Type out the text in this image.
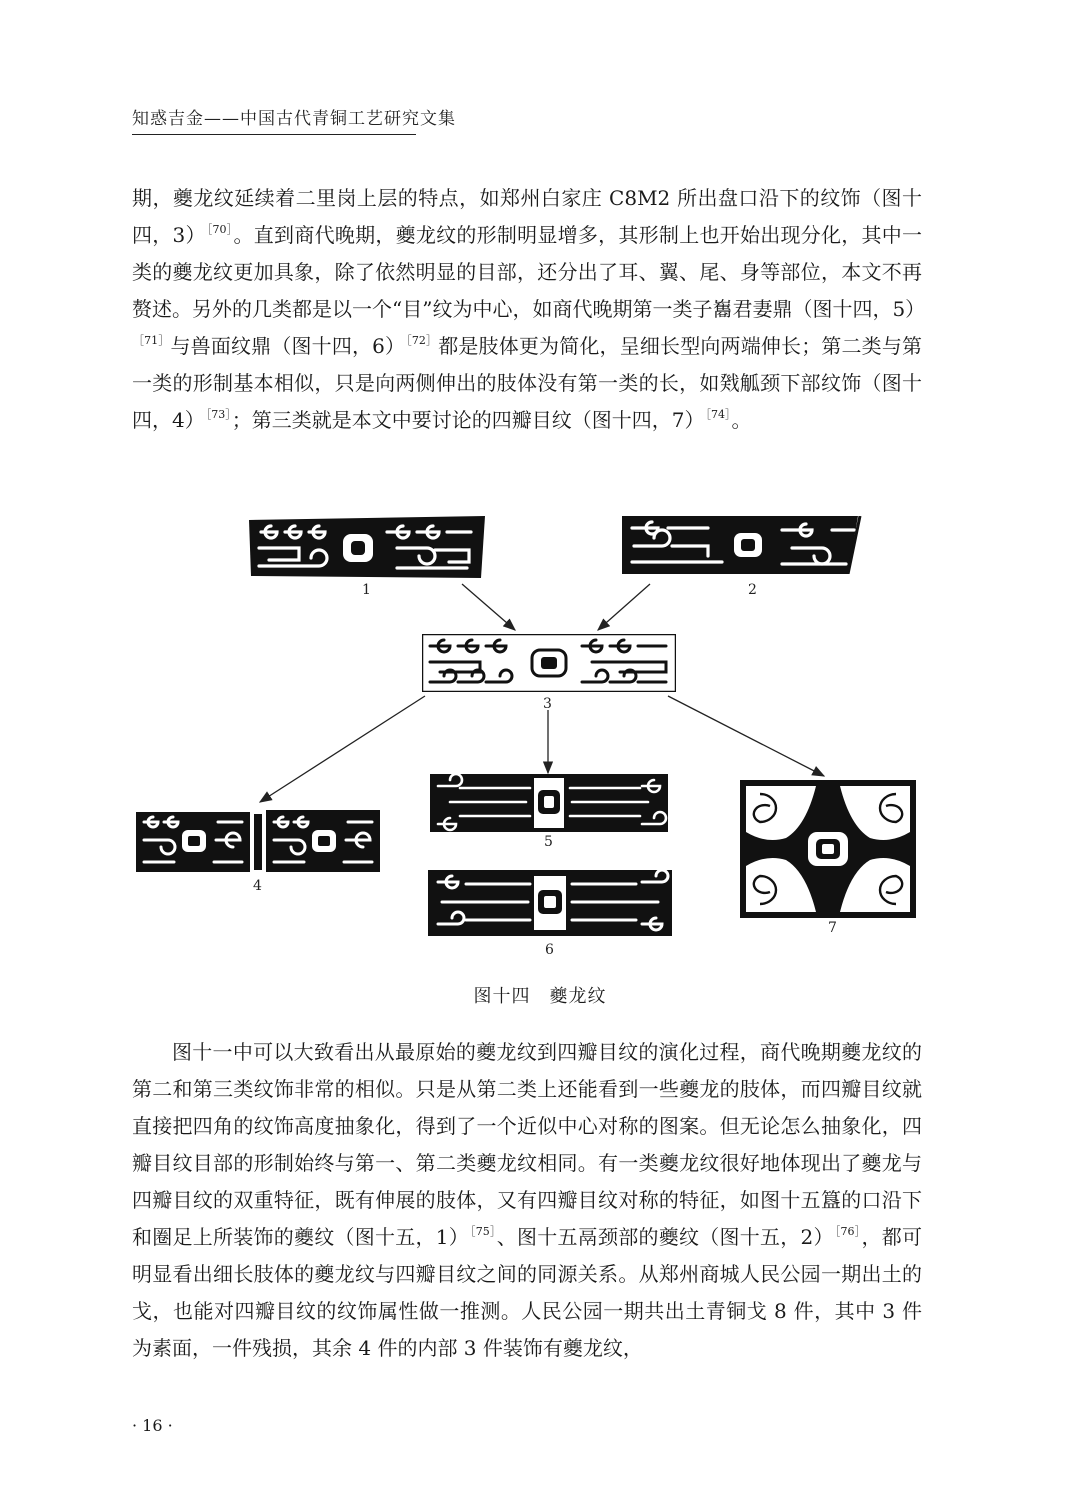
知惑吉金——中国古代青铜工艺研究文集

期，夔龙纹延续着二里岗上层的特点，如郑州白家庄 C8M2 所出盘口沿下的纹饰（图十四，3）$^{[70]}$。直到商代晚期，夔龙纹的形制明显增多，其形制上也开始出现分化，其中一类的夔龙纹更加具象，除了依然明显的目部，还分出了耳、翼、尾、身等部位，本文不再赘述。另外的几类都是以一个“目”纹为中心，如商代晚期第一类子雟君妻鼎（图十四，5）$^{[71]}$与兽面纹鼎（图十四，6）$^{[72]}$都是肢体更为简化，呈细长型向两端伸长；第二类与第一类的形制基本相似，只是向两侧伸出的肢体没有第一类的长，如戣觚颈下部纹饰（图十四，4）$^{[73]}$；第三类就是本文中要讨论的四瓣目纹（图十四，7）$^{[74]}$。

1	2
3
4
5
6
7
图十四　夔龙纹

图十一中可以大致看出从最原始的夔龙纹到四瓣目纹的演化过程，商代晚期夔龙纹的第二和第三类纹饰非常的相似。只是从第二类上还能看到一些夔龙的肢体，而四瓣目纹就直接把四角的纹饰高度抽象化，得到了一个近似中心对称的图案。但无论怎么抽象化，四瓣目纹目部的形制始终与第一、第二类夔龙纹相同。有一类夔龙纹很好地体现出了夔龙与四瓣目纹的双重特征，既有伸展的肢体，又有四瓣目纹对称的特征，如图十五簋的口沿下和圈足上所装饰的夔纹（图十五，1）$^{[75]}$、图十五鬲颈部的夔纹（图十五，2）$^{[76]}$，都可明显看出细长肢体的夔龙纹与四瓣目纹之间的同源关系。从郑州商城人民公园一期出土的戈，也能对四瓣目纹的纹饰属性做一推测。人民公园一期共出土青铜戈 8 件，其中 3 件为素面，一件残损，其余 4 件的内部 3 件装饰有夔龙纹，

· 16 ·
